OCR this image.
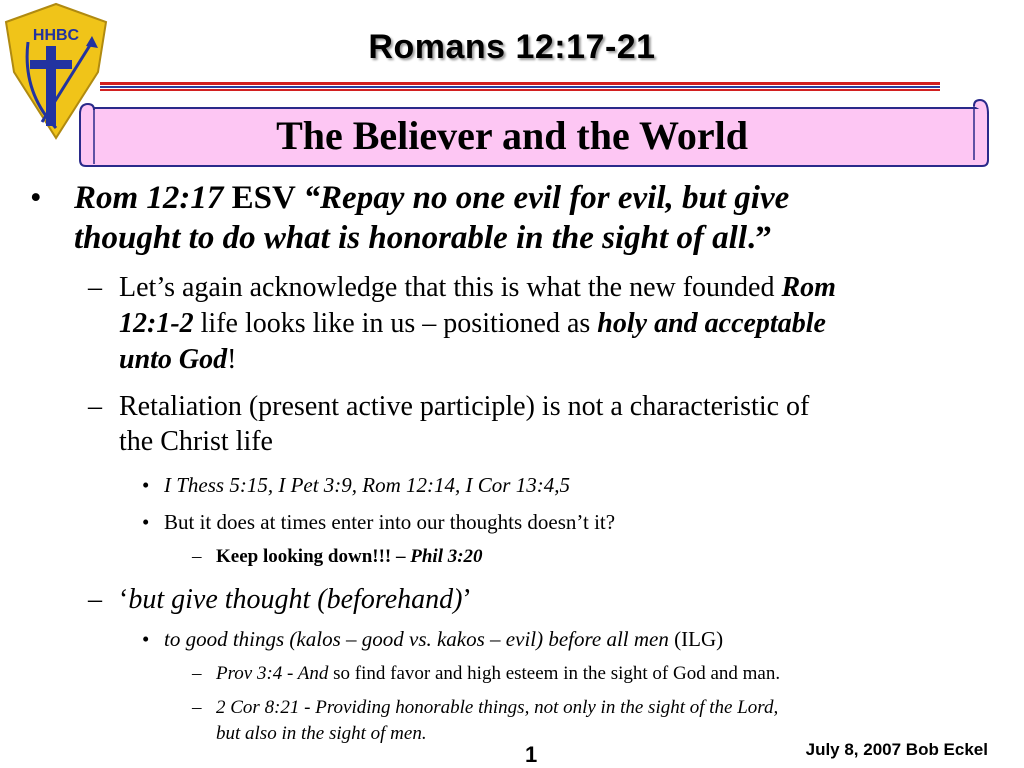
HHBC	Romans 12:17-21
The Believer and the World
• Rom 12:17 ESV “Repay no one evil for evil, but give
thought to do what is honorable in the sight of all.”
– Let’s again acknowledge that this is what the new founded Rom
12:1-2 life looks like in us – positioned as holy and acceptable
unto God!
– Retaliation (present active participle) is not a characteristic of
the Christ life
• I Thess 5:15, I Pet 3:9, Rom 12:14, I Cor 13:4,5
• But it does at times enter into our thoughts doesn’t it?
– Keep looking down!!! – Phil 3:20
– ‘but give thought (beforehand)’
• to good things (kalos – good vs. kakos – evil) before all men (ILG)
– Prov 3:4 - And so find favor and high esteem in the sight of God and man.
– 2 Cor 8:21 - Providing honorable things, not only in the sight of the Lord,
but also in the sight of men.
1	July 8, 2007 Bob Eckel
